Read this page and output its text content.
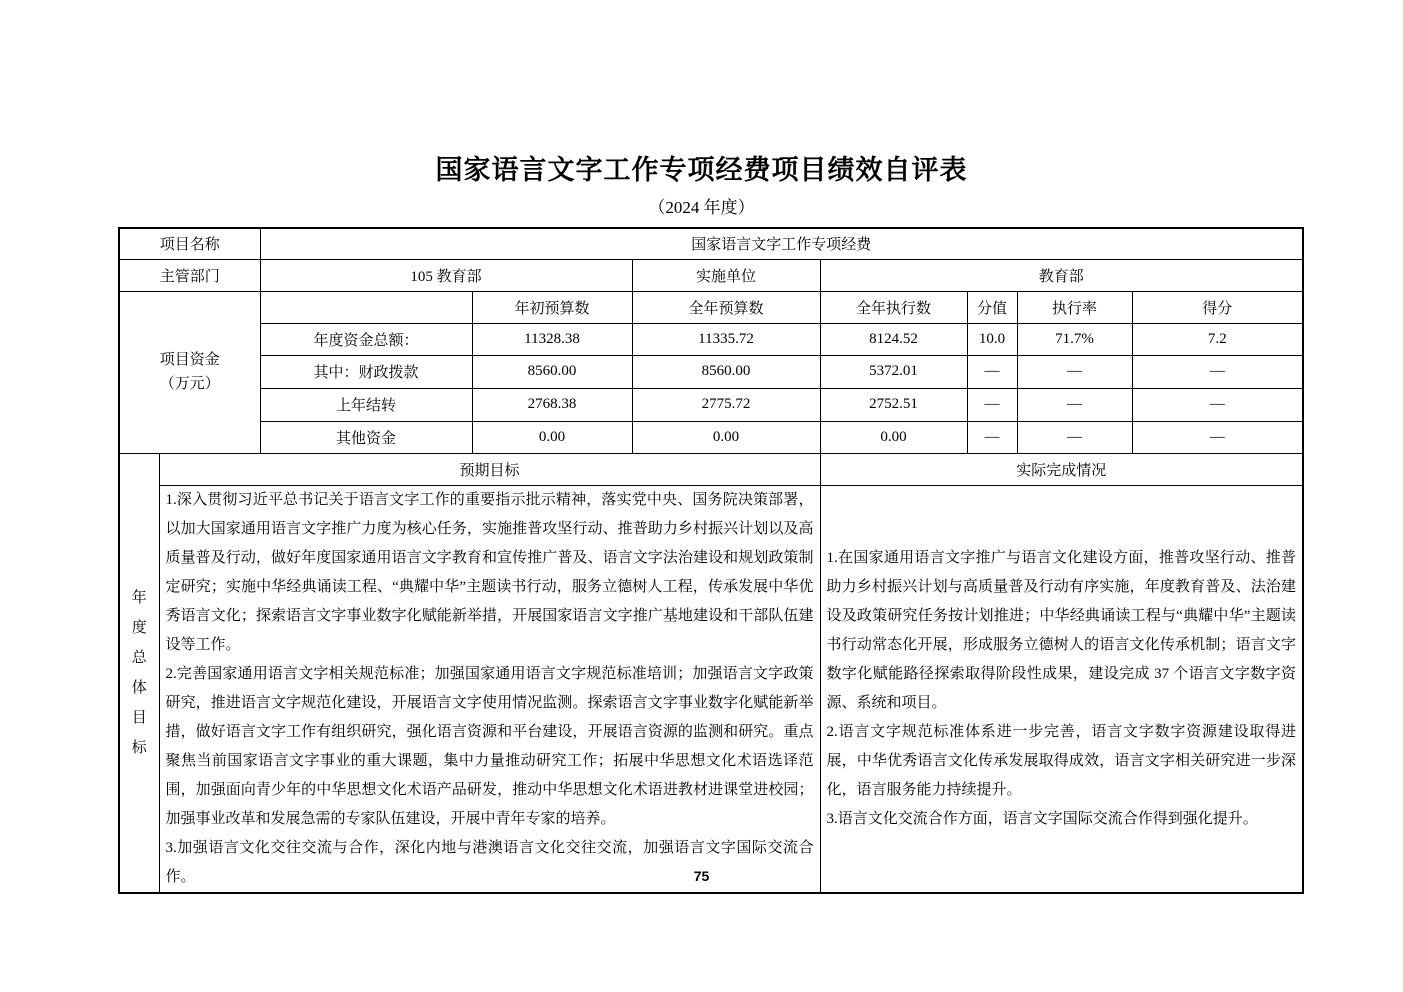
国家语言文字工作专项经费项目绩效自评表
（2024 年度）
项目名称		国家语言文字工作专项经费						
主管部门		105 教育部		实施单位	教育部			

项目资金
（万元）			年初预算数	全年预算数	全年执行数	分值	执行率	得分
		年度资金总额：	11328.38	11335.72	8124.52	10.0	71.7%	7.2
		其中：财政拨款	8560.00	8560.00	5372.01	—	—	—
		上年结转	2768.38	2775.72	2752.51	—	—	—
		其他资金	0.00	0.00	0.00	—	—	—

年度总体目标	预期目标				实际完成情况			

1.深入贯彻习近平总书记关于语言文字工作的重要指示批示精神，落实党中央、国务院决策部署，以加大国家通用语言文字推广力度为核心任务，实施推普攻坚行动、推普助力乡村振兴计划以及高质量普及行动，做好年度国家通用语言文字教育和宣传推广普及、语言文字法治建设和规划政策制定研究；实施中华经典诵读工程、“典耀中华”主题读书行动，服务立德树人工程，传承发展中华优秀语言文化；探索语言文字事业数字化赋能新举措，开展国家语言文字推广基地建设和干部队伍建设等工作。

2.完善国家通用语言文字相关规范标准；加强国家通用语言文字规范标准培训；加强语言文字政策研究，推进语言文字规范化建设，开展语言文字使用情况监测。探索语言文字事业数字化赋能新举措，做好语言文字工作有组织研究，强化语言资源和平台建设，开展语言资源的监测和研究。重点聚焦当前国家语言文字事业的重大课题，集中力量推动研究工作；拓展中华思想文化术语选译范围，加强面向青少年的中华思想文化术语产品研发，推动中华思想文化术语进教材进课堂进校园；加强事业改革和发展急需的专家队伍建设，开展中青年专家的培养。

3.加强语言文化交往交流与合作，深化内地与港澳语言文化交往交流，加强语言文字国际交流合作。

1.在国家通用语言文字推广与语言文化建设方面，推普攻坚行动、推普助力乡村振兴计划与高质量普及行动有序实施，年度教育普及、法治建设及政策研究任务按计划推进；中华经典诵读工程与“典耀中华”主题读书行动常态化开展，形成服务立德树人的语言文化传承机制；语言文字数字化赋能路径探索取得阶段性成果，建设完成 37 个语言文字数字资源、系统和项目。

2.语言文字规范标准体系进一步完善，语言文字数字资源建设取得进展，中华优秀语言文化传承发展取得成效，语言文字相关研究进一步深化，语言服务能力持续提升。

3.语言文化交流合作方面，语言文字国际交流合作得到强化提升。

75
